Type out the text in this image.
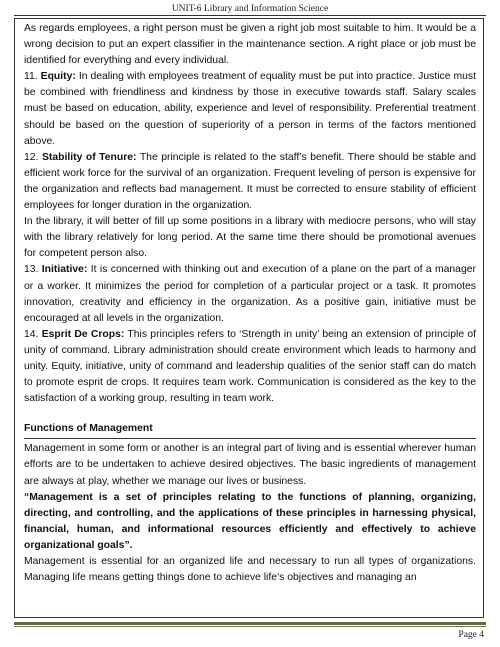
UNIT-6 Library and Information Science

As regards employees, a right person must be given a right job most suitable to him. It would be a wrong decision to put an expert classifier in the maintenance section. A right place or job must be identified for everything and every individual.

11. Equity: In dealing with employees treatment of equality must be put into practice. Justice must be combined with friendliness and kindness by those in executive towards staff. Salary scales must be based on education, ability, experience and level of responsibility. Preferential treatment should be based on the question of superiority of a person in terms of the factors mentioned above.

12. Stability of Tenure: The principle is related to the staff’s benefit. There should be stable and efficient work force for the survival of an organization. Frequent leveling of person is expensive for the organization and reflects bad management. It must be corrected to ensure stability of efficient employees for longer duration in the organization.

In the library, it will better of fill up some positions in a library with mediocre persons, who will stay with the library relatively for long period. At the same time there should be promotional avenues for competent person also.

13. Initiative: It is concerned with thinking out and execution of a plane on the part of a manager or a worker. It minimizes the period for completion of a particular project or a task. It promotes innovation, creativity and efficiency in the organization. As a positive gain, initiative must be encouraged at all levels in the organization.

14. Esprit De Crops: This principles refers to ‘Strength in unity’ being an extension of principle of unity of command. Library administration should create environment which leads to harmony and unity. Equity, initiative, unity of command and leadership qualities of the senior staff can do match to promote esprit de crops. It requires team work. Communication is considered as the key to the satisfaction of a working group, resulting in team work.

Functions of Management

Management in some form or another is an integral part of living and is essential wherever human efforts are to be undertaken to achieve desired objectives. The basic ingredients of management are always at play, whether we manage our lives or business.

“Management is a set of principles relating to the functions of planning, organizing, directing, and controlling, and the applications of these principles in harnessing physical, financial, human, and informational resources efficiently and effectively to achieve organizational goals”.

Management is essential for an organized life and necessary to run all types of organizations. Managing life means getting things done to achieve life’s objectives and managing an

Page 4
